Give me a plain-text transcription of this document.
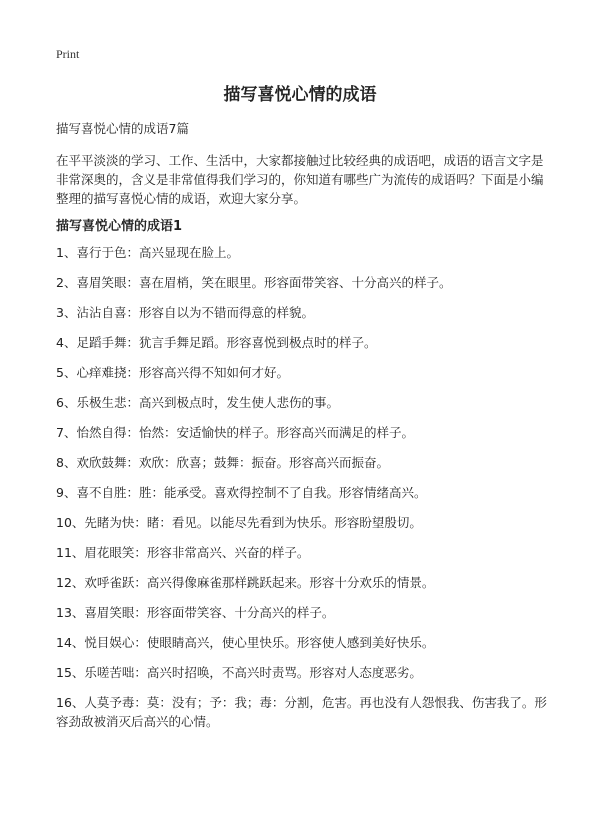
Print
描写喜悦心情的成语
描写喜悦心情的成语7篇

在平平淡淡的学习、工作、生活中，大家都接触过比较经典的成语吧，成语的语言文字是非常深奥的，含义是非常值得我们学习的，你知道有哪些广为流传的成语吗？下面是小编整理的描写喜悦心情的成语，欢迎大家分享。

描写喜悦心情的成语1
1、喜行于色：高兴显现在脸上。
2、喜眉笑眼：喜在眉梢，笑在眼里。形容面带笑容、十分高兴的样子。
3、沾沾自喜：形容自以为不错而得意的样貌。
4、足蹈手舞：犹言手舞足蹈。形容喜悦到极点时的样子。
5、心痒难挠：形容高兴得不知如何才好。
6、乐极生悲：高兴到极点时，发生使人悲伤的事。
7、怡然自得：怡然：安适愉快的样子。形容高兴而满足的样子。
8、欢欣鼓舞：欢欣：欣喜；鼓舞：振奋。形容高兴而振奋。
9、喜不自胜：胜：能承受。喜欢得控制不了自我。形容情绪高兴。
10、先睹为快：睹：看见。以能尽先看到为快乐。形容盼望殷切。
11、眉花眼笑：形容非常高兴、兴奋的样子。
12、欢呼雀跃：高兴得像麻雀那样跳跃起来。形容十分欢乐的情景。
13、喜眉笑眼：形容面带笑容、十分高兴的样子。
14、悦目娱心：使眼睛高兴，使心里快乐。形容使人感到美好快乐。
15、乐嗟苦咄：高兴时招唤，不高兴时责骂。形容对人态度恶劣。
16、人莫予毒：莫：没有；予：我；毒：分割，危害。再也没有人怨恨我、伤害我了。形容劲敌被消灭后高兴的心情。
